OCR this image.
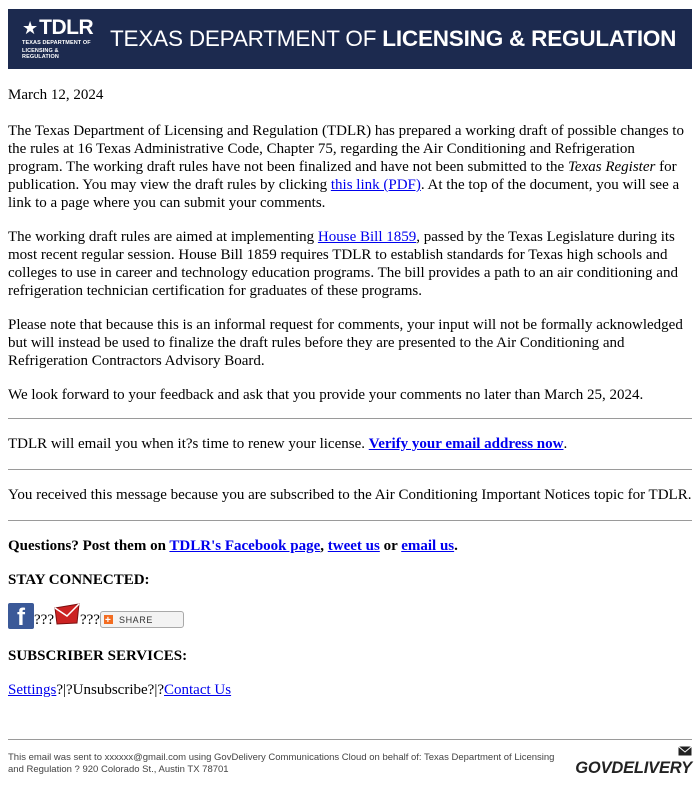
★ TDLR
TEXAS DEPARTMENT OF
LICENSING & REGULATION
TEXAS DEPARTMENT OF LICENSING & REGULATION

March 12, 2024

The Texas Department of Licensing and Regulation (TDLR) has prepared a working draft of possible changes to the rules at 16 Texas Administrative Code, Chapter 75, regarding the Air Conditioning and Refrigeration program. The working draft rules have not been finalized and have not been submitted to the Texas Register for publication. You may view the draft rules by clicking this link (PDF). At the top of the document, you will see a link to a page where you can submit your comments.

The working draft rules are aimed at implementing House Bill 1859, passed by the Texas Legislature during its most recent regular session. House Bill 1859 requires TDLR to establish standards for Texas high schools and colleges to use in career and technology education programs. The bill provides a path to an air conditioning and refrigeration technician certification for graduates of these programs.

Please note that because this is an informal request for comments, your input will not be formally acknowledged but will instead be used to finalize the draft rules before they are presented to the Air Conditioning and Refrigeration Contractors Advisory Board.

We look forward to your feedback and ask that you provide your comments no later than March 25, 2024.

TDLR will email you when it?s time to renew your license. Verify your email address now.

You received this message because you are subscribed to the Air Conditioning Important Notices topic for TDLR.

Questions? Post them on TDLR's Facebook page, tweet us or email us.

STAY CONNECTED:

f ??? ???
+ SHARE

SUBSCRIBER SERVICES:

Settings?|?Unsubscribe?|?Contact Us

This email was sent to xxxxxx@gmail.com using GovDelivery Communications Cloud on behalf of: Texas Department of Licensing and Regulation ? 920 Colorado St., Austin TX 78701	GOVDELIVERY
